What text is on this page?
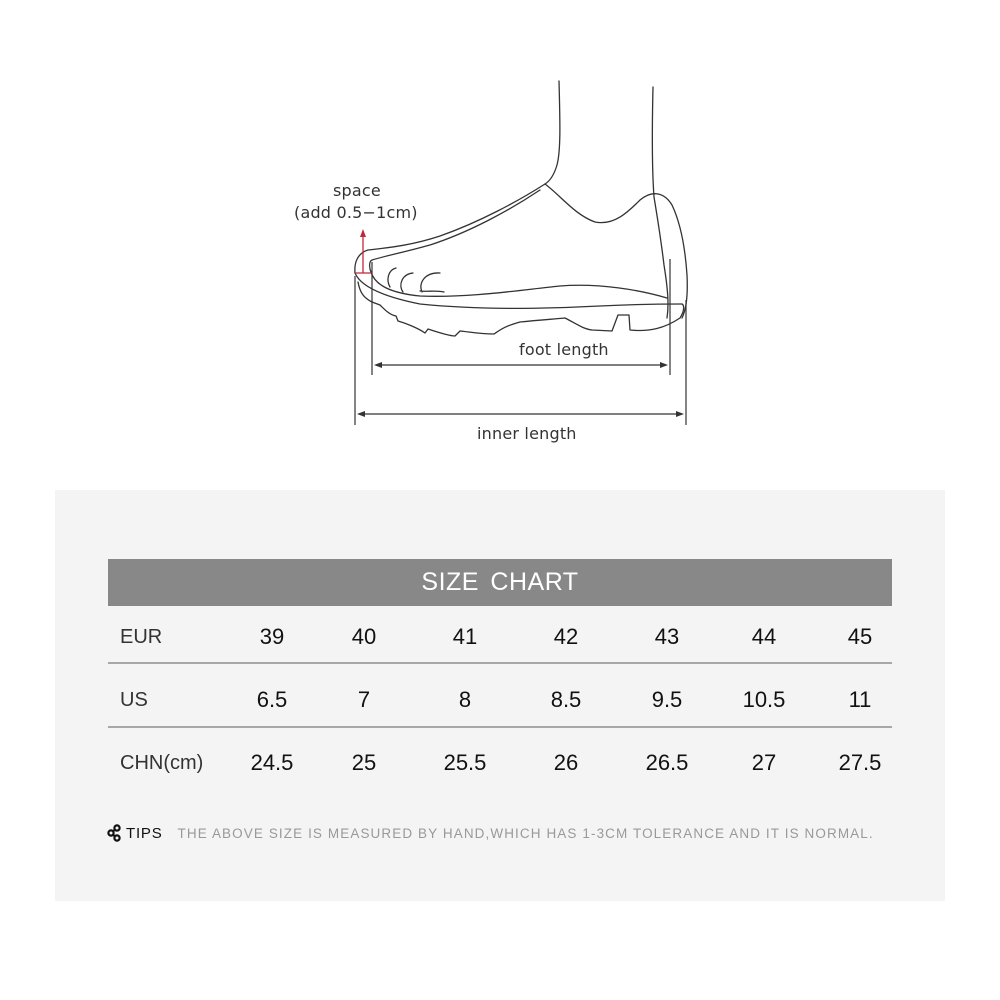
space
(add 0.5−1cm)
foot length
inner length
SIZE CHART
EUR	39	40	41	42	43	44	45
US	6.5	7	8	8.5	9.5	10.5	11
CHN(cm)	24.5	25	25.5	26	26.5	27	27.5
TIPS THE ABOVE SIZE IS MEASURED BY HAND,WHICH HAS 1-3CM TOLERANCE AND IT IS NORMAL.
